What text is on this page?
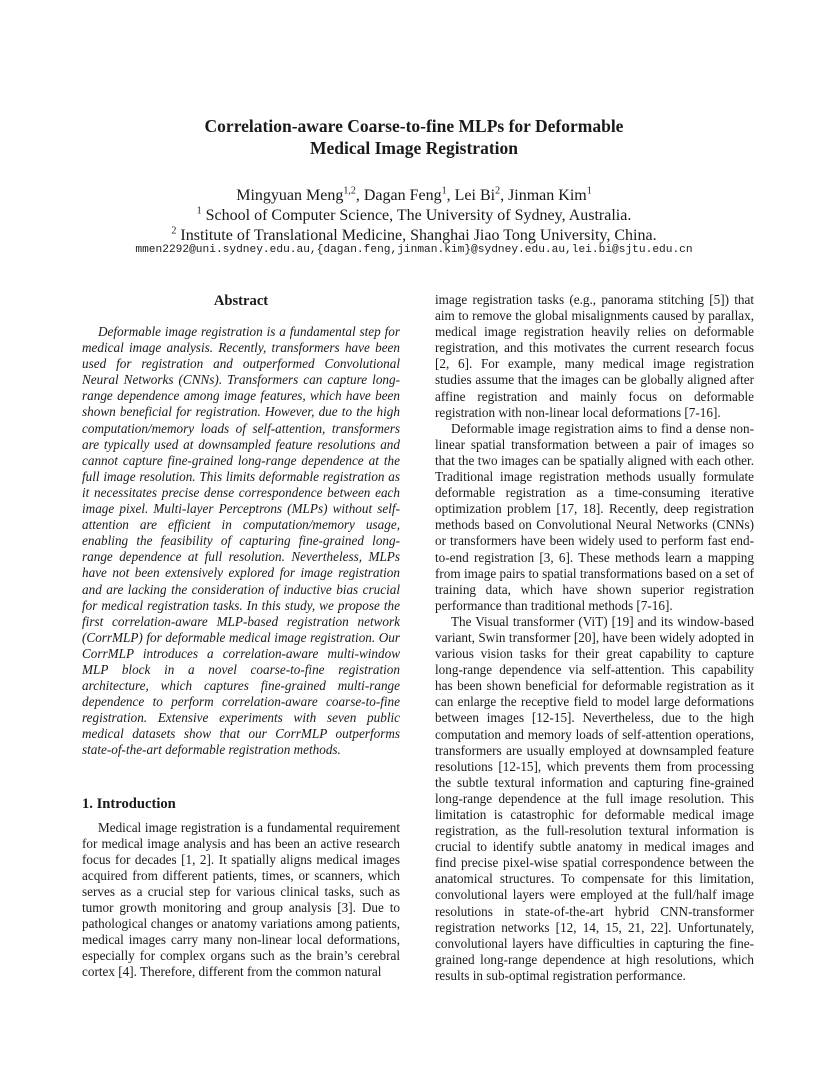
Correlation-aware Coarse-to-fine MLPs for Deformable
Medical Image Registration
Mingyuan Meng$^{1,2}$, Dagan Feng$^1$, Lei Bi$^2$, Jinman Kim$^1$
$^1$ School of Computer Science, The University of Sydney, Australia.
$^2$ Institute of Translational Medicine, Shanghai Jiao Tong University, China.
mmen2292@uni.sydney.edu.au,{dagan.feng,jinman.kim}@sydney.edu.au,lei.bi@sjtu.edu.cn
Abstract

Deformable image registration is a fundamental step for medical image analysis. Recently, transformers have been used for registration and outperformed Convolutional Neural Networks (CNNs). Transformers can capture long-range dependence among image features, which have been shown beneficial for registration. However, due to the high computation/memory loads of self-attention, transformers are typically used at downsampled feature resolutions and cannot capture fine-grained long-range dependence at the full image resolution. This limits deformable registration as it necessitates precise dense correspondence between each image pixel. Multi-layer Perceptrons (MLPs) without self-attention are efficient in computation/memory usage, enabling the feasibility of capturing fine-grained long-range dependence at full resolution. Nevertheless, MLPs have not been extensively explored for image registration and are lacking the consideration of inductive bias crucial for medical registration tasks. In this study, we propose the first correlation-aware MLP-based registration network (CorrMLP) for deformable medical image registration. Our CorrMLP introduces a correlation-aware multi-window MLP block in a novel coarse-to-fine registration architecture, which captures fine-grained multi-range dependence to perform correlation-aware coarse-to-fine registration. Extensive experiments with seven public medical datasets show that our CorrMLP outperforms state-of-the-art deformable registration methods.

1. Introduction

Medical image registration is a fundamental requirement for medical image analysis and has been an active research focus for decades [1, 2]. It spatially aligns medical images acquired from different patients, times, or scanners, which serves as a crucial step for various clinical tasks, such as tumor growth monitoring and group analysis [3]. Due to pathological changes or anatomy variations among patients, medical images carry many non-linear local deformations, especially for complex organs such as the brain’s cerebral cortex [4]. Therefore, different from the common natural

image registration tasks (e.g., panorama stitching [5]) that aim to remove the global misalignments caused by parallax, medical image registration heavily relies on deformable registration, and this motivates the current research focus [2, 6]. For example, many medical image registration studies assume that the images can be globally aligned after affine registration and mainly focus on deformable registration with non-linear local deformations [7-16].

Deformable image registration aims to find a dense non-linear spatial transformation between a pair of images so that the two images can be spatially aligned with each other. Traditional image registration methods usually formulate deformable registration as a time-consuming iterative optimization problem [17, 18]. Recently, deep registration methods based on Convolutional Neural Networks (CNNs) or transformers have been widely used to perform fast end-to-end registration [3, 6]. These methods learn a mapping from image pairs to spatial transformations based on a set of training data, which have shown superior registration performance than traditional methods [7-16].

The Visual transformer (ViT) [19] and its window-based variant, Swin transformer [20], have been widely adopted in various vision tasks for their great capability to capture long-range dependence via self-attention. This capability has been shown beneficial for deformable registration as it can enlarge the receptive field to model large deformations between images [12-15]. Nevertheless, due to the high computation and memory loads of self-attention operations, transformers are usually employed at downsampled feature resolutions [12-15], which prevents them from processing the subtle textural information and capturing fine-grained long-range dependence at the full image resolution. This limitation is catastrophic for deformable medical image registration, as the full-resolution textural information is crucial to identify subtle anatomy in medical images and find precise pixel-wise spatial correspondence between the anatomical structures. To compensate for this limitation, convolutional layers were employed at the full/half image resolutions in state-of-the-art hybrid CNN-transformer registration networks [12, 14, 15, 21, 22]. Unfortunately, convolutional layers have difficulties in capturing the fine-grained long-range dependence at high resolutions, which results in sub-optimal registration performance.
